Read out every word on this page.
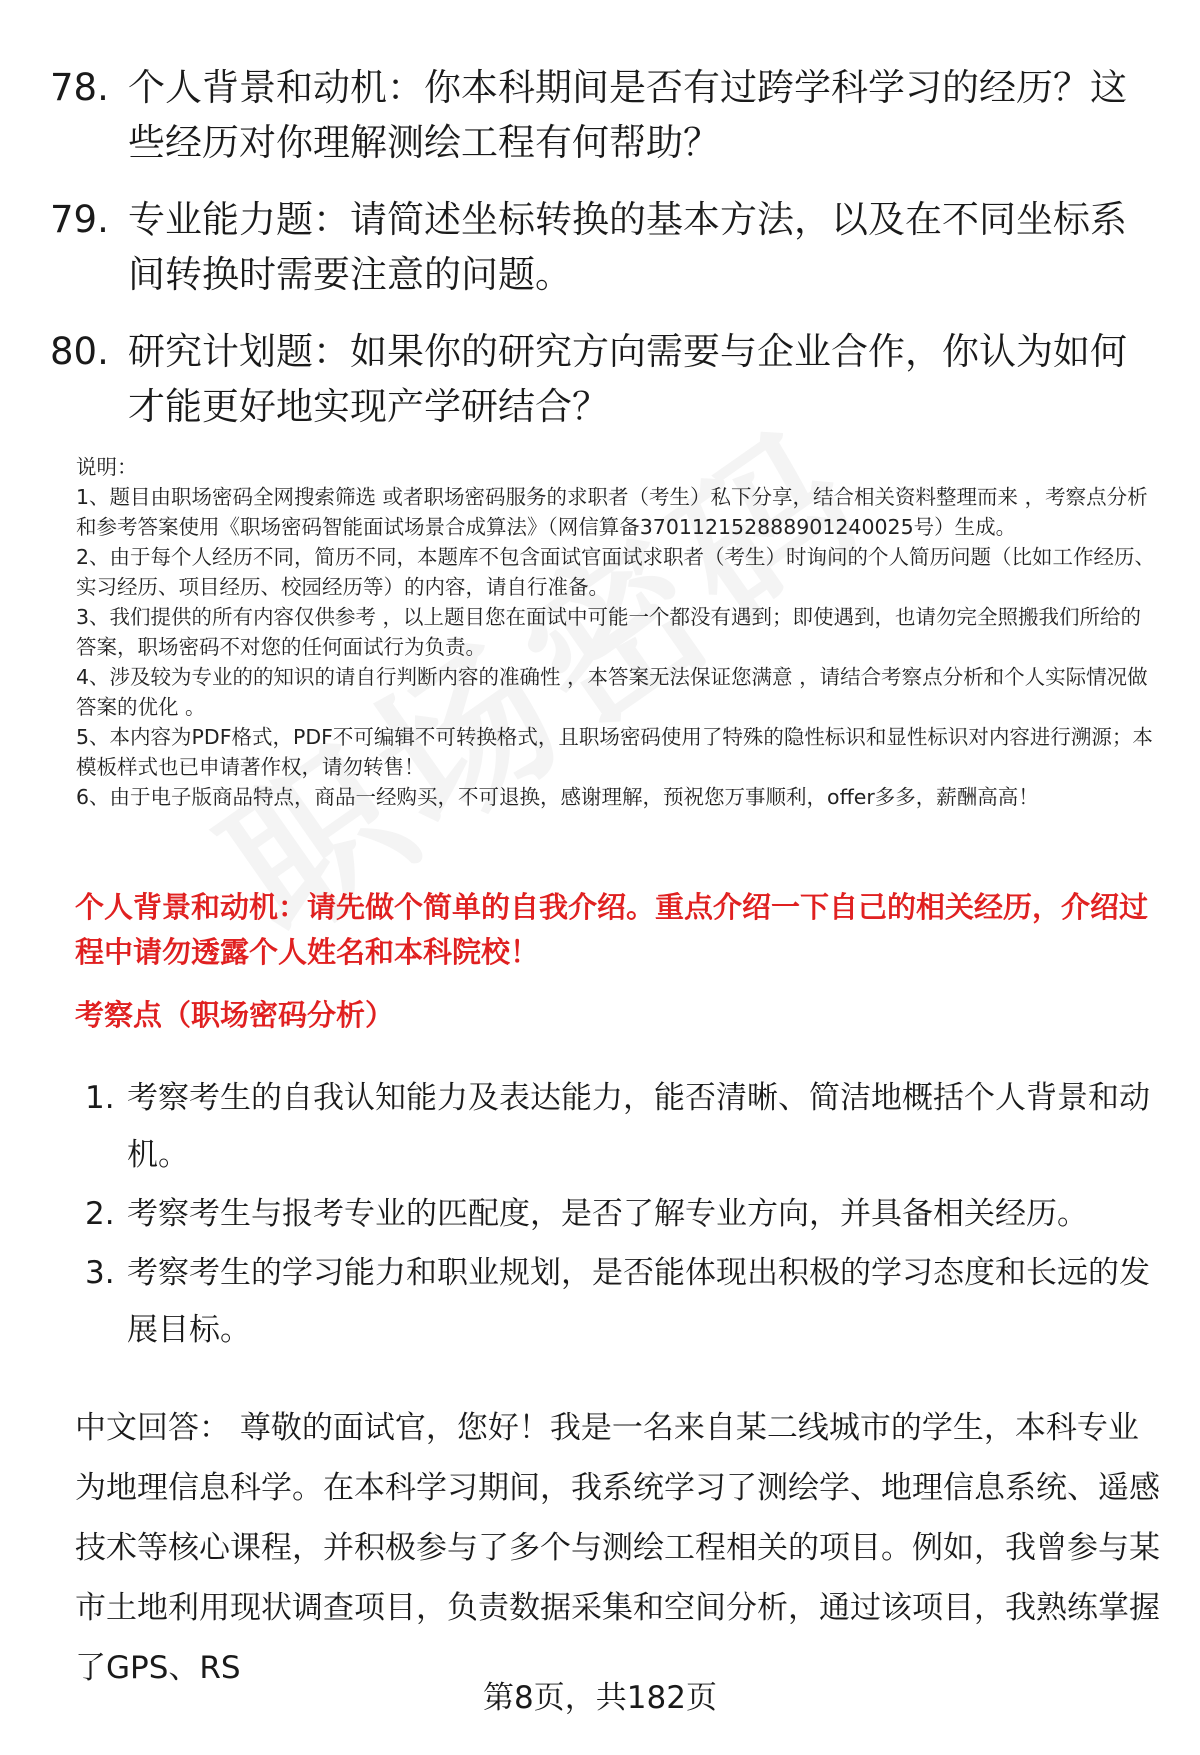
78. 个人背景和动机：你本科期间是否有过跨学科学习的经历？这些经历对你理解测绘工程有何帮助？
79. 专业能力题：请简述坐标转换的基本方法，以及在不同坐标系间转换时需要注意的问题。
80. 研究计划题：如果你的研究方向需要与企业合作，你认为如何才能更好地实现产学研结合？

说明：

1、题目由职场密码全网搜索筛选 或者职场密码服务的求职者（考生）私下分享，结合相关资料整理而来 ，考察点分析和参考答案使用《职场密码智能面试场景合成算法》（网信算备370112152888901240025号）生成。

2、由于每个人经历不同，简历不同，本题库不包含面试官面试求职者（考生）时询问的个人简历问题（比如工作经历、实习经历、项目经历、校园经历等）的内容，请自行准备。

3、我们提供的所有内容仅供参考 ，以上题目您在面试中可能一个都没有遇到；即使遇到，也请勿完全照搬我们所给的答案，职场密码不对您的任何面试行为负责。

4、涉及较为专业的的知识的请自行判断内容的准确性 ，本答案无法保证您满意 ，请结合考察点分析和个人实际情况做答案的优化 。

5、本内容为PDF格式，PDF不可编辑不可转换格式，且职场密码使用了特殊的隐性标识和显性标识对内容进行溯源；本模板样式也已申请著作权，请勿转售！

6、由于电子版商品特点，商品一经购买，不可退换，感谢理解，预祝您万事顺利，offer多多，薪酬高高！

个人背景和动机：请先做个简单的自我介绍。重点介绍一下自己的相关经历，介绍过程中请勿透露个人姓名和本科院校！
考察点（职场密码分析）
1. 考察考生的自我认知能力及表达能力，能否清晰、简洁地概括个人背景和动机。
2. 考察考生与报考专业的匹配度，是否了解专业方向，并具备相关经历。
3. 考察考生的学习能力和职业规划，是否能体现出积极的学习态度和长远的发展目标。
中文回答： 尊敬的面试官，您好！我是一名来自某二线城市的学生，本科专业为地理信息科学。在本科学习期间，我系统学习了测绘学、地理信息系统、遥感技术等核心课程，并积极参与了多个与测绘工程相关的项目。例如，我曾参与某市土地利用现状调查项目，负责数据采集和空间分析，通过该项目，我熟练掌握了GPS、RS
第8页，共182页
